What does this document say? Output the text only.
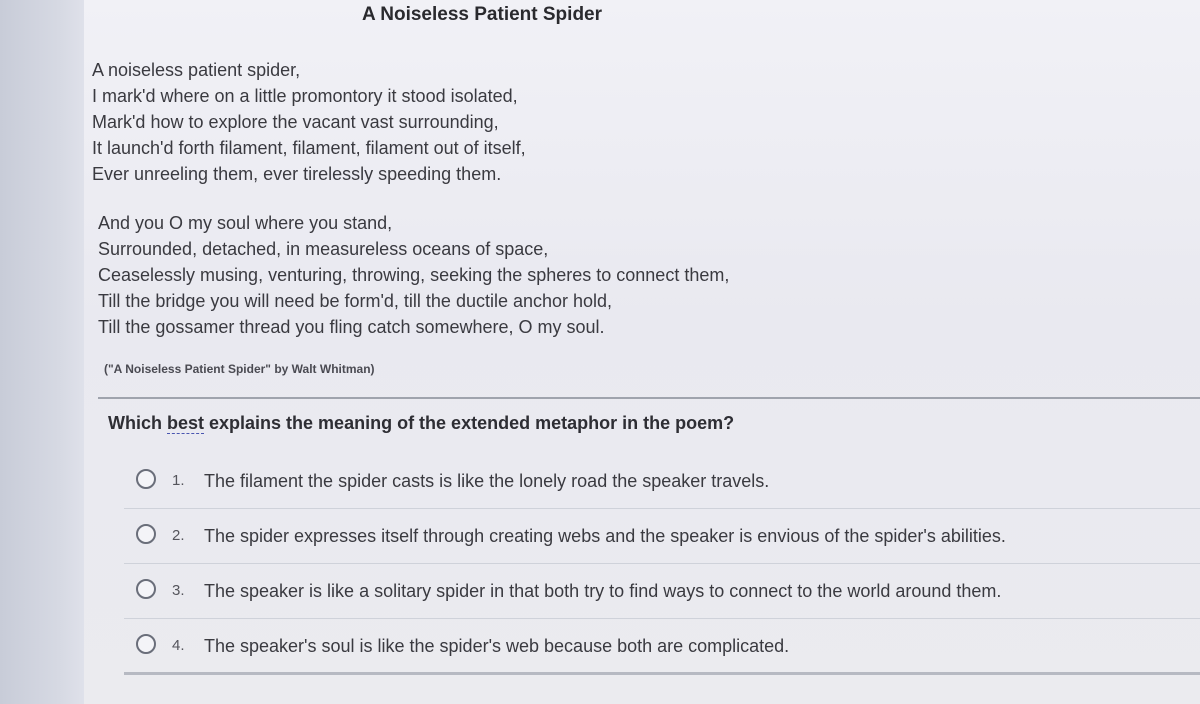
A Noiseless Patient Spider
A noiseless patient spider,
I mark'd where on a little promontory it stood isolated,
Mark'd how to explore the vacant vast surrounding,
It launch'd forth filament, filament, filament out of itself,
Ever unreeling them, ever tirelessly speeding them.
And you O my soul where you stand,
Surrounded, detached, in measureless oceans of space,
Ceaselessly musing, venturing, throwing, seeking the spheres to connect them,
Till the bridge you will need be form'd, till the ductile anchor hold,
Till the gossamer thread you fling catch somewhere, O my soul.
("A Noiseless Patient Spider" by Walt Whitman)
Which best explains the meaning of the extended metaphor in the poem?
1. The filament the spider casts is like the lonely road the speaker travels.
2. The spider expresses itself through creating webs and the speaker is envious of the spider's abilities.
3. The speaker is like a solitary spider in that both try to find ways to connect to the world around them.
4. The speaker's soul is like the spider's web because both are complicated.
